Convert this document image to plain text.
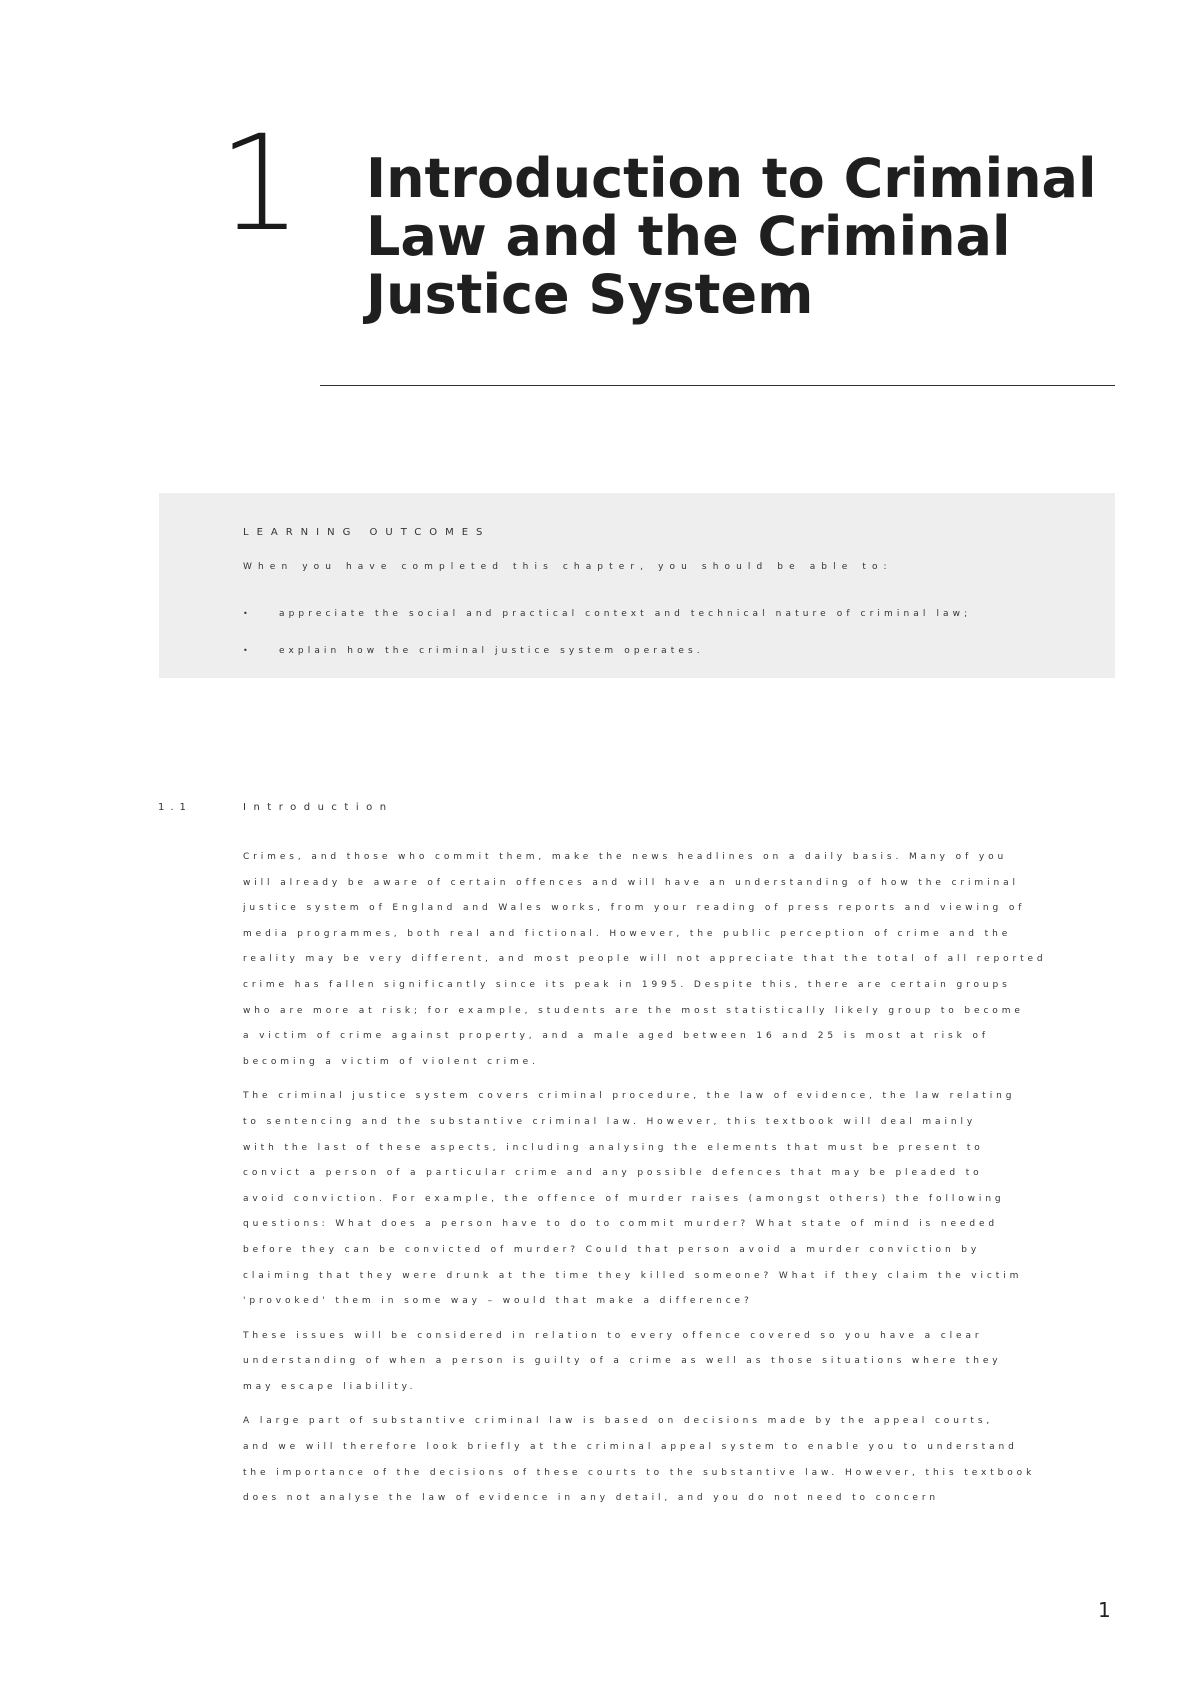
1 Introduction to Criminal Law and the Criminal Justice System
LEARNING OUTCOMES
When you have completed this chapter, you should be able to:
•	appreciate the social and practical context and technical nature of criminal law;
•	explain how the criminal justice system operates.
1.1	Introduction
Crimes, and those who commit them, make the news headlines on a daily basis. Many of you
will already be aware of certain offences and will have an understanding of how the criminal
justice system of England and Wales works, from your reading of press reports and viewing of
media programmes, both real and fictional. However, the public perception of crime and the
reality may be very different, and most people will not appreciate that the total of all reported
crime has fallen significantly since its peak in 1995. Despite this, there are certain groups
who are more at risk; for example, students are the most statistically likely group to become
a victim of crime against property, and a male aged between 16 and 25 is most at risk of
becoming a victim of violent crime.
The criminal justice system covers criminal procedure, the law of evidence, the law relating
to sentencing and the substantive criminal law. However, this textbook will deal mainly
with the last of these aspects, including analysing the elements that must be present to
convict a person of a particular crime and any possible defences that may be pleaded to
avoid conviction. For example, the offence of murder raises (amongst others) the following
questions: What does a person have to do to commit murder? What state of mind is needed
before they can be convicted of murder? Could that person avoid a murder conviction by
claiming that they were drunk at the time they killed someone? What if they claim the victim
'provoked' them in some way – would that make a difference?
These issues will be considered in relation to every offence covered so you have a clear
understanding of when a person is guilty of a crime as well as those situations where they
may escape liability.
A large part of substantive criminal law is based on decisions made by the appeal courts,
and we will therefore look briefly at the criminal appeal system to enable you to understand
the importance of the decisions of these courts to the substantive law. However, this textbook
does not analyse the law of evidence in any detail, and you do not need to concern
1
